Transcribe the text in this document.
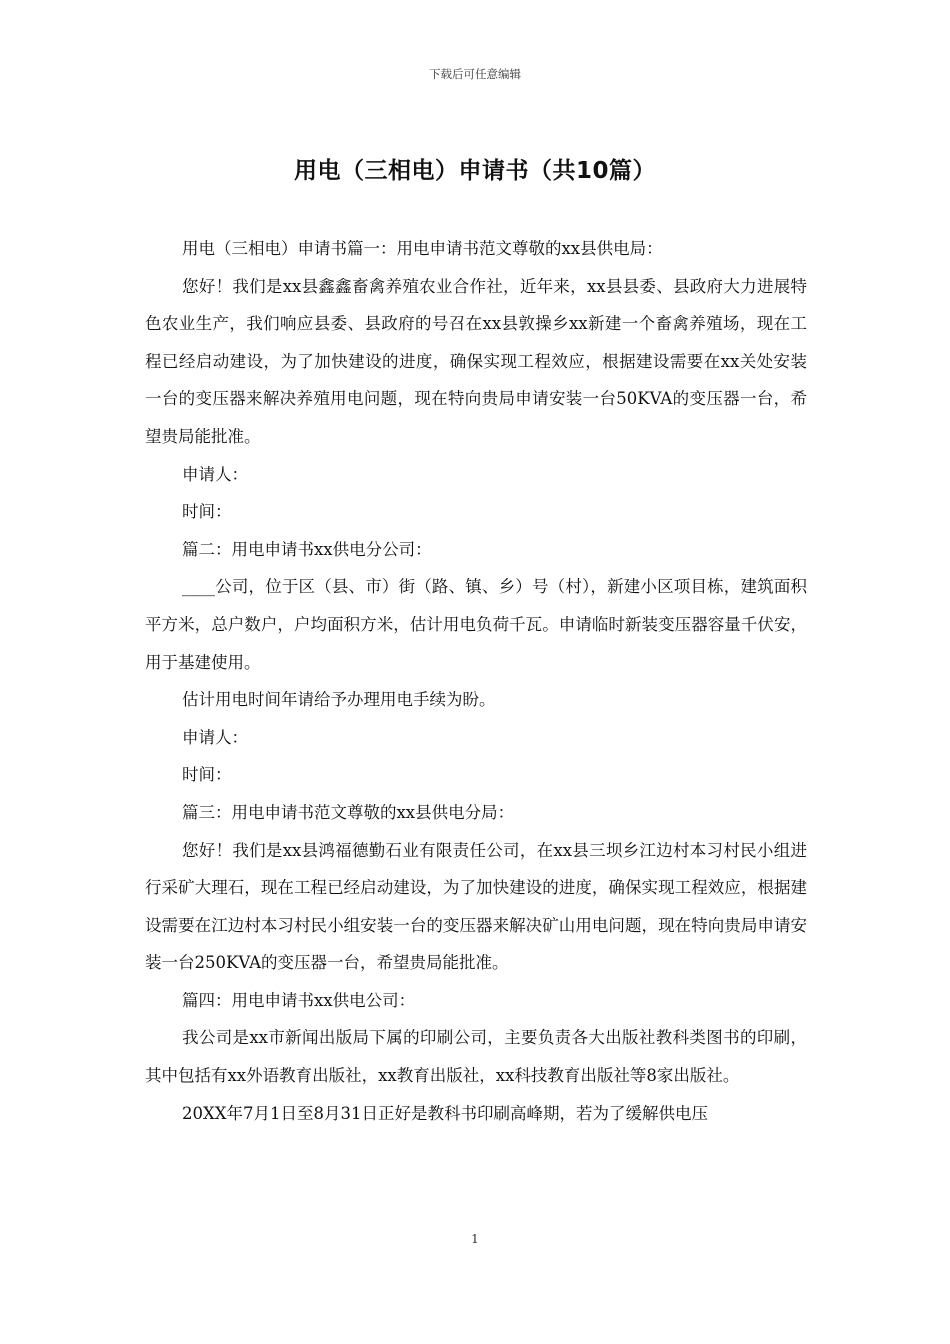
下载后可任意编辑
用电（三相电）申请书（共10篇）

用电（三相电）申请书篇一：用电申请书范文尊敬的xx县供电局：

您好！我们是xx县鑫鑫畜禽养殖农业合作社，近年来，xx县县委、县政府大力进展特色农业生产，我们响应县委、县政府的号召在xx县敦操乡xx新建一个畜禽养殖场，现在工程已经启动建设，为了加快建设的进度，确保实现工程效应，根据建设需要在xx关处安装一台的变压器来解决养殖用电问题，现在特向贵局申请安装一台50KVA的变压器一台，希望贵局能批准。

申请人：

时间：

篇二：用电申请书xx供电分公司：

____公司，位于区（县、市）街（路、镇、乡）号（村），新建小区项目栋，建筑面积平方米，总户数户，户均面积方米，估计用电负荷千瓦。申请临时新装变压器容量千伏安，用于基建使用。

估计用电时间年请给予办理用电手续为盼。

申请人：

时间：

篇三：用电申请书范文尊敬的xx县供电分局：

您好！我们是xx县鸿福德勤石业有限责任公司，在xx县三坝乡江边村本习村民小组进行采矿大理石，现在工程已经启动建设，为了加快建设的进度，确保实现工程效应，根据建设需要在江边村本习村民小组安装一台的变压器来解决矿山用电问题，现在特向贵局申请安装一台250KVA的变压器一台，希望贵局能批准。

篇四：用电申请书xx供电公司：

我公司是xx市新闻出版局下属的印刷公司，主要负责各大出版社教科类图书的印刷，其中包括有xx外语教育出版社，xx教育出版社，xx科技教育出版社等8家出版社。

20XX年7月1日至8月31日正好是教科书印刷高峰期，若为了缓解供电压

1
